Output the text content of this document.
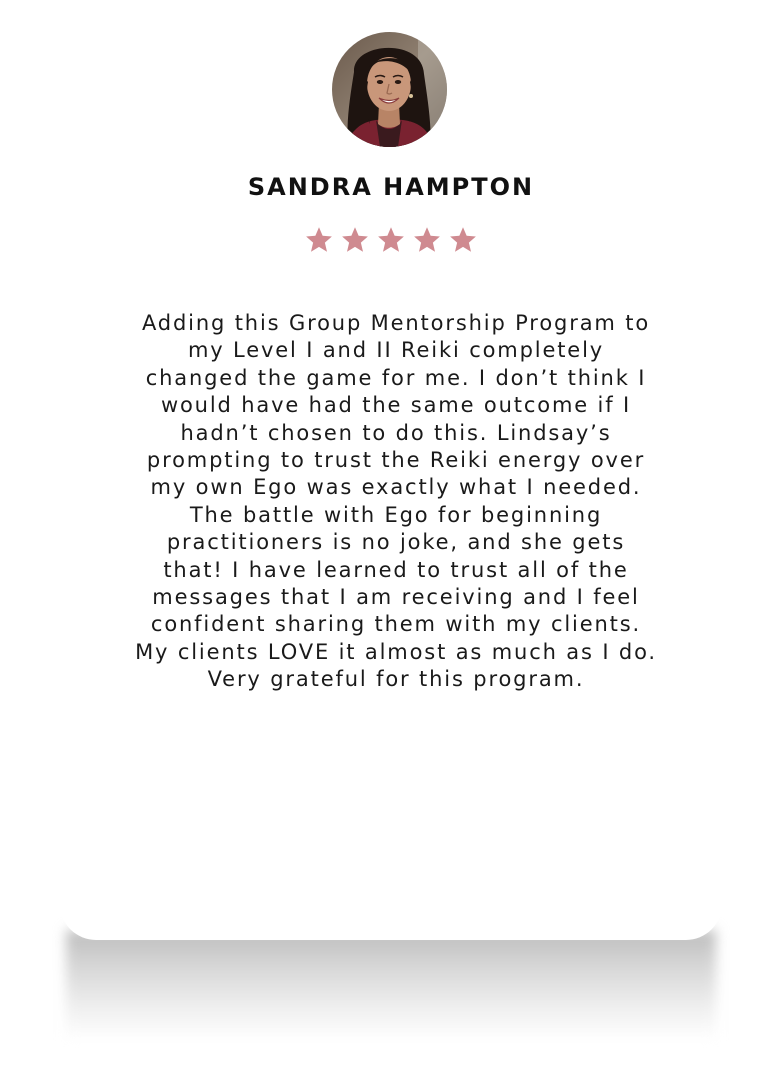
SANDRA HAMPTON
Adding this Group Mentorship Program to my Level I and II Reiki completely changed the game for me. I don’t think I would have had the same outcome if I hadn’t chosen to do this. Lindsay’s prompting to trust the Reiki energy over my own Ego was exactly what I needed. The battle with Ego for beginning practitioners is no joke, and she gets that! I have learned to trust all of the messages that I am receiving and I feel confident sharing them with my clients. My clients LOVE it almost as much as I do. Very grateful for this program.
